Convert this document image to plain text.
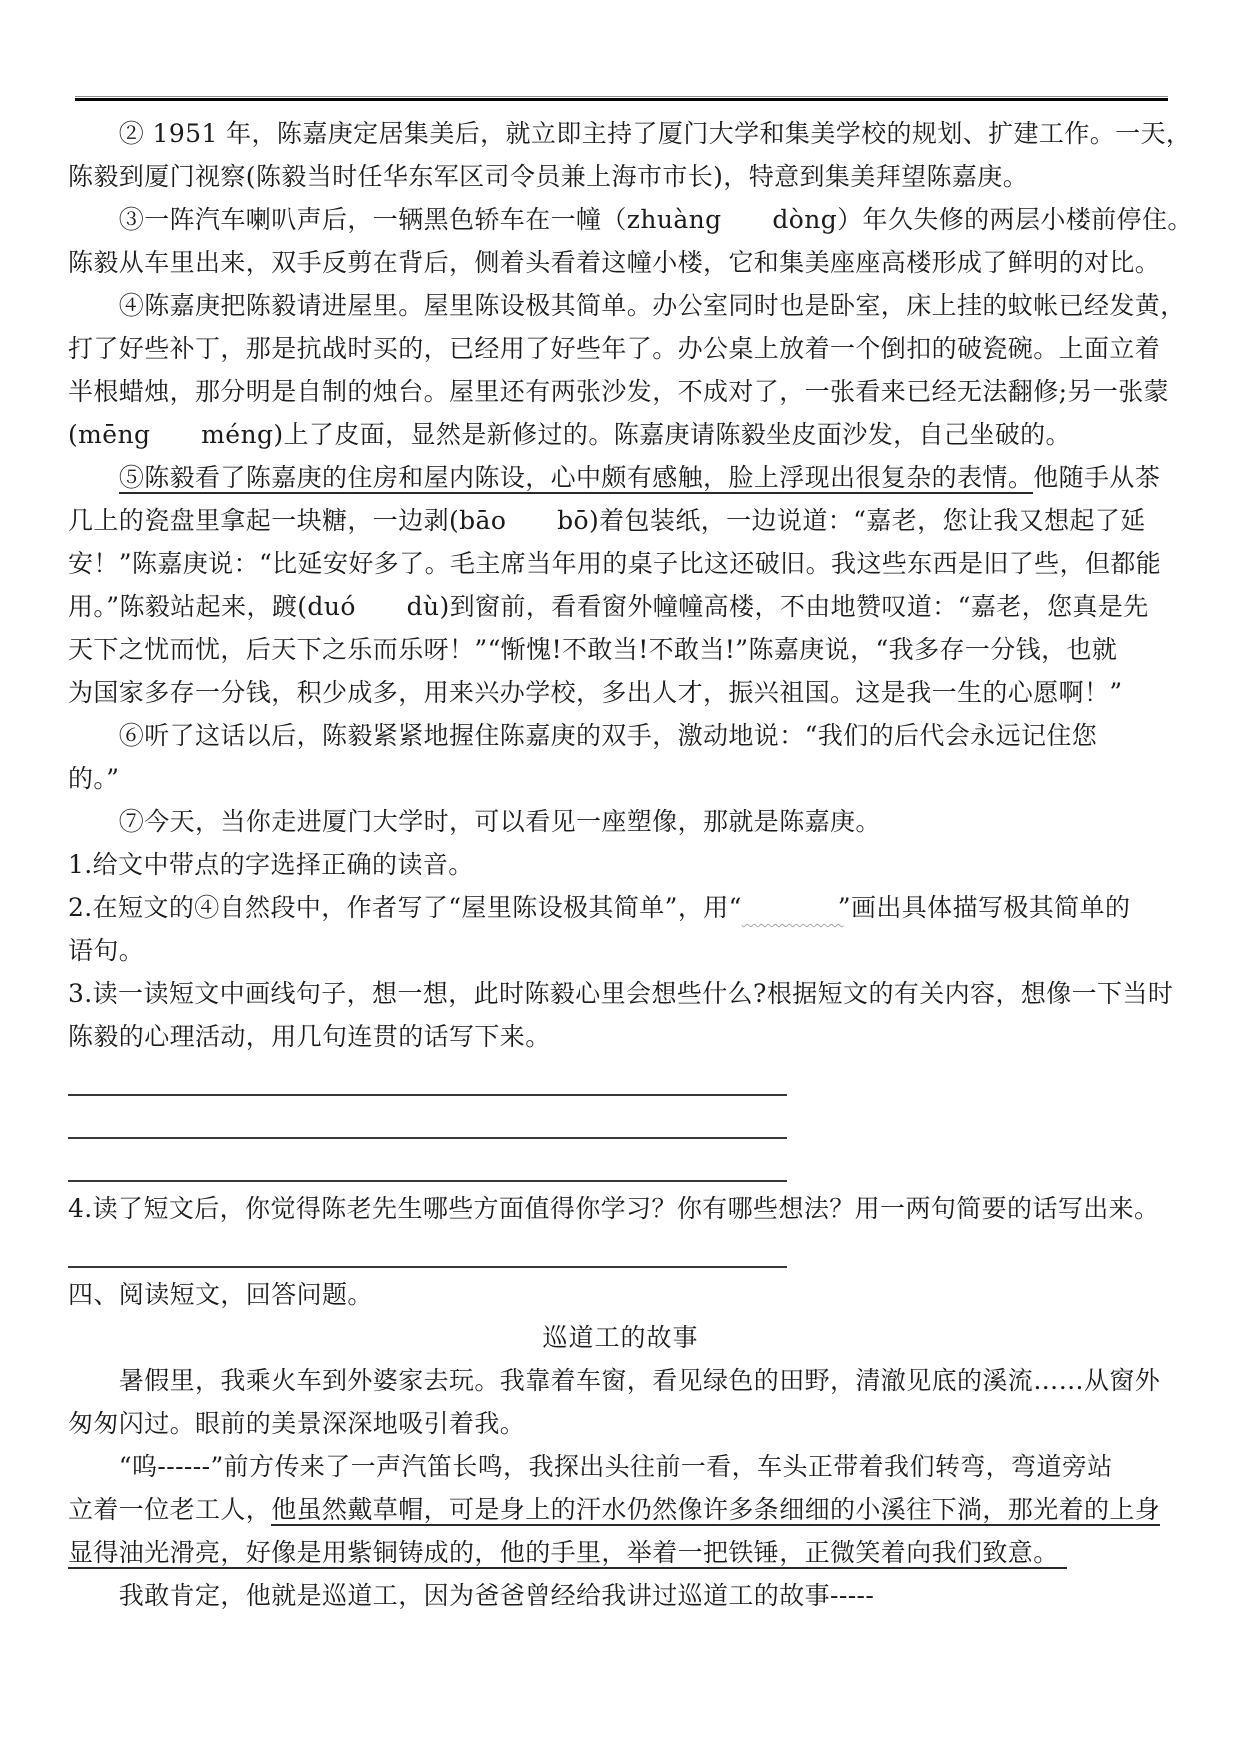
　　② 1951 年，陈嘉庚定居集美后，就立即主持了厦门大学和集美学校的规划、扩建工作。一天，
陈毅到厦门视察(陈毅当时任华东军区司令员兼上海市市长)，特意到集美拜望陈嘉庚。
　　③一阵汽车喇叭声后，一辆黑色轿车在一幢（zhuàng　　dòng）年久失修的两层小楼前停住。
陈毅从车里出来，双手反剪在背后，侧着头看着这幢小楼，它和集美座座高楼形成了鲜明的对比。
　　④陈嘉庚把陈毅请进屋里。屋里陈设极其简单。办公室同时也是卧室，床上挂的蚊帐已经发黄，
打了好些补丁，那是抗战时买的，已经用了好些年了。办公桌上放着一个倒扣的破瓷碗。上面立着
半根蜡烛，那分明是自制的烛台。屋里还有两张沙发，不成对了，一张看来已经无法翻修;另一张蒙
(mēng　　méng)上了皮面，显然是新修过的。陈嘉庚请陈毅坐皮面沙发，自己坐破的。
　　⑤陈毅看了陈嘉庚的住房和屋内陈设，心中颇有感触，脸上浮现出很复杂的表情。他随手从茶
几上的瓷盘里拿起一块糖，一边剥(bāo　　bō)着包装纸，一边说道：“嘉老，您让我又想起了延
安！”陈嘉庚说：“比延安好多了。毛主席当年用的桌子比这还破旧。我这些东西是旧了些，但都能
用。”陈毅站起来，踱(duó　　dù)到窗前，看看窗外幢幢高楼，不由地赞叹道：“嘉老，您真是先
天下之忧而忧，后天下之乐而乐呀！”“惭愧!不敢当!不敢当!”陈嘉庚说，“我多存一分钱，也就
为国家多存一分钱，积少成多，用来兴办学校，多出人才，振兴祖国。这是我一生的心愿啊！”
　　⑥听了这话以后，陈毅紧紧地握住陈嘉庚的双手，激动地说：“我们的后代会永远记住您
的。”
　　⑦今天，当你走进厦门大学时，可以看见一座塑像，那就是陈嘉庚。
1.给文中带点的字选择正确的读音。
2.在短文的④自然段中，作者写了“屋里陈设极其简单”，用“　　　　	”画出具体描写极其简单的
语句。
3.读一读短文中画线句子，想一想，此时陈毅心里会想些什么?根据短文的有关内容，想像一下当时
陈毅的心理活动，用几句连贯的话写下来。
4.读了短文后，你觉得陈老先生哪些方面值得你学习？你有哪些想法？用一两句简要的话写出来。
四、阅读短文，回答问题。
巡道工的故事
　　暑假里，我乘火车到外婆家去玩。我靠着车窗，看见绿色的田野，清澈见底的溪流……从窗外
匆匆闪过。眼前的美景深深地吸引着我。
　　“呜------”前方传来了一声汽笛长鸣，我探出头往前一看，车头正带着我们转弯，弯道旁站
立着一位老工人，他虽然戴草帽，可是身上的汗水仍然像许多条细细的小溪往下淌，那光着的上身
显得油光滑亮，好像是用紫铜铸成的，他的手里，举着一把铁锤，正微笑着向我们致意。
　　我敢肯定，他就是巡道工，因为爸爸曾经给我讲过巡道工的故事-----
